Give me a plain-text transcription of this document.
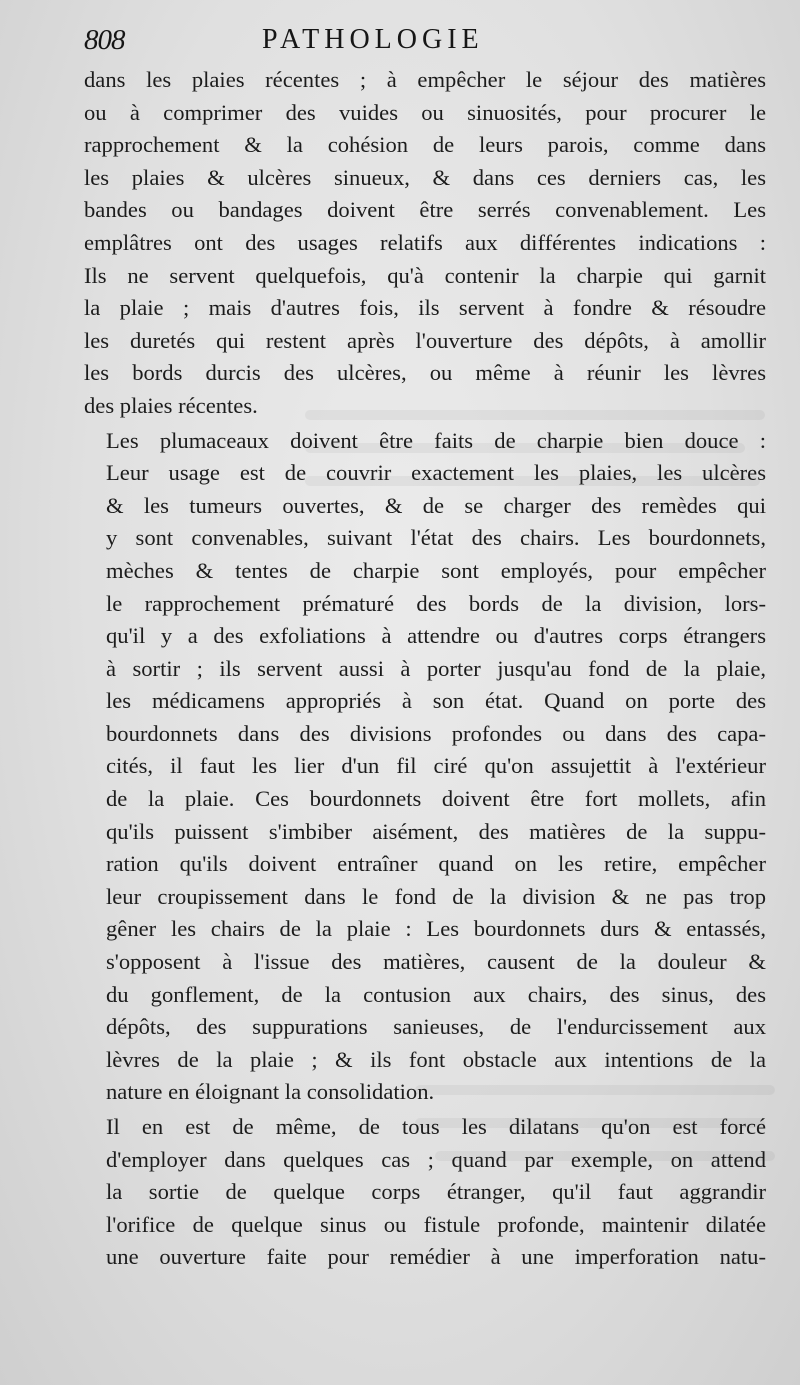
808	PATHOLOGIE

dans les plaies récentes ; à empêcher le séjour des matières
ou à comprimer des vuides ou sinuosités, pour procurer le
rapprochement & la cohésion de leurs parois, comme dans
les plaies & ulcères sinueux, & dans ces derniers cas, les
bandes ou bandages doivent être serrés convenablement. Les
emplâtres ont des usages relatifs aux différentes indications :
Ils ne servent quelquefois, qu'à contenir la charpie qui garnit
la plaie ; mais d'autres fois, ils servent à fondre & résoudre
les duretés qui restent après l'ouverture des dépôts, à amollir
les bords durcis des ulcères, ou même à réunir les lèvres
des plaies récentes.

Les plumaceaux doivent être faits de charpie bien douce :
Leur usage est de couvrir exactement les plaies, les ulcères
& les tumeurs ouvertes, & de se charger des remèdes qui
y sont convenables, suivant l'état des chairs. Les bourdonnets,
mèches & tentes de charpie sont employés, pour empêcher
le rapprochement prématuré des bords de la division, lors-
qu'il y a des exfoliations à attendre ou d'autres corps étrangers
à sortir ; ils servent aussi à porter jusqu'au fond de la plaie,
les médicamens appropriés à son état. Quand on porte des
bourdonnets dans des divisions profondes ou dans des capa-
cités, il faut les lier d'un fil ciré qu'on assujettit à l'extérieur
de la plaie. Ces bourdonnets doivent être fort mollets, afin
qu'ils puissent s'imbiber aisément, des matières de la suppu-
ration qu'ils doivent entraîner quand on les retire, empêcher
leur croupissement dans le fond de la division & ne pas trop
gêner les chairs de la plaie : Les bourdonnets durs & entassés,
s'opposent à l'issue des matières, causent de la douleur &
du gonflement, de la contusion aux chairs, des sinus, des
dépôts, des suppurations sanieuses, de l'endurcissement aux
lèvres de la plaie ; & ils font obstacle aux intentions de la
nature en éloignant la consolidation.

Il en est de même, de tous les dilatans qu'on est forcé
d'employer dans quelques cas ; quand par exemple, on attend
la sortie de quelque corps étranger, qu'il faut aggrandir
l'orifice de quelque sinus ou fistule profonde, maintenir dilatée
une ouverture faite pour remédier à une imperforation natu-
